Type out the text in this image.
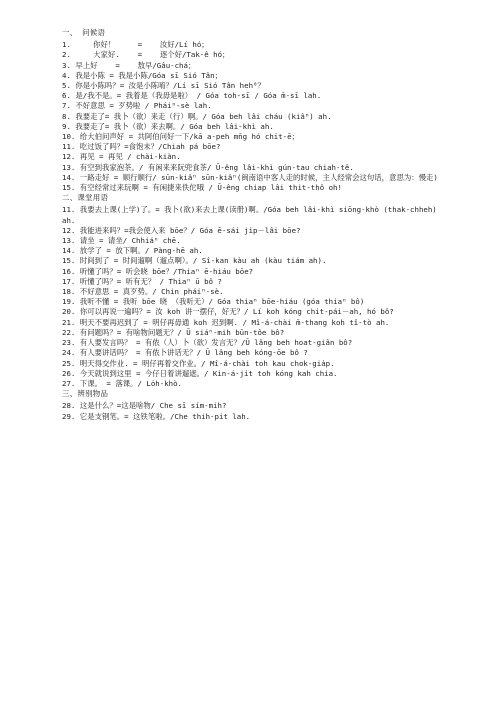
一、 问候语
1.     你好！     =    汝好/Lí hó；
2.     大家好.    =    逐个好/Tak-ê hó；
3. 早上好    =    敖早/Gâu-chá；
4. 我是小陈 = 我是小陈/Góa sī Sió Tân；
5. 你是小陈吗？= 汝是小陈唷？/Lí sī Sió Tân heh⁰？
6. 是/我不是。= 我着是（我毋是啦） / Góa toh-sī / Góa m̄-sī lah.
7. 不好意思 = 歹势啦 / Pháiⁿ-sè lah.
8. 我要走了= 我卜（欲）来走（行）啊。/ Góa beh lâi cháu (kiâⁿ) ah.
9. 我要走了= 我卜（欲）来去啊。/ Góa beh lâi-khì ah.
10. 给大伯问声好 = 共阿伯问好一下/kā a-peh mn̄g hó chi̍t-ē；
11. 吃过饭了吗？=食饱未？/Chiah pá bōe?
12. 再见 = 再见 / chài-kiàn.
13. 有空到我家泡茶。/ 有闲来来阮兜食茶/ Ū-êng lâi-khì gún-tau chiah-tê.
14. 一路走好 = 顺行顺行/ sūn-kiâⁿ sūn-kiâⁿ(闽南语中客人走的时候，主人经常会这句话，意思为：慢走)
15. 有空经常过来玩啊 = 有闲捷来佚佗哦 / Ū-êng chiap lâi thit-thô oh!
二、课堂用语
11. 我要去上课(上学)了。= 我卜(欲)来去上课(读册)啊。/Góa beh lâi-khì siōng-khò (thak-chheh) ah.
12. 我能进来吗？=我会使入来 bōe？/ Góa ē-sái ji̍p－lâi bōe?
13. 请坐 = 请坐/ Chhiáⁿ chē.
14. 放学了 = 放下啊。/ Pàng-hē ah.
15. 时间到了 = 时间遛啊（遛点啊）。/ Sî-kan kàu ah (kàu tiám ah).
16. 听懂了吗？= 听会晓 bōe？/Thiaⁿ ē-hiáu bōe?
17. 听懂了吗？= 听有无？ / Thiaⁿ ū bô ?
18. 不好意思 = 真歹势。/ Chin pháiⁿ-sè.
19. 我听不懂 = 我听 bōe 晓 （我听无）/ Góa thiaⁿ bōe-hiáu (góa thiaⁿ bô)
20. 你可以再说一遍吗？= 汝 koh 讲一摆仔，好无？/ Lí koh kóng chi̍t-pái－ah, hó bô?
21. 明天不要再迟到了 = 明仔再毋通 koh 迟到啊. / Mî-á-chài m̄-thang koh tî-tò ah.
22. 有问题吗？= 有啥物问题无？/ Ū siáⁿ-mih būn-tôe bô?
23. 有人要发言吗？ = 有侬（人）卜（欲）发言无？/Ū lâng beh hoat-giân bô?
24. 有人要讲话吗？ = 有侬卜讲话无？/ Ū lâng beh kóng-ōe bô ?
25. 明天得交作业. = 明仔再着交作业。/ Mî-á-chài toh kau chok-gia̍p.
26. 今天就说到这里 = 今仔日着讲遛遮。/ Kin-á-ji̍t toh kóng kah chia.
27. 下课。 = 落课。/ Lo̍h-khò.
三、辨别物品
28. 这是什么？=这是啥物/ Che sī sím-mih?
29. 它是支钢笔。= 这铁笔啦。/Che thih-pit lah.
